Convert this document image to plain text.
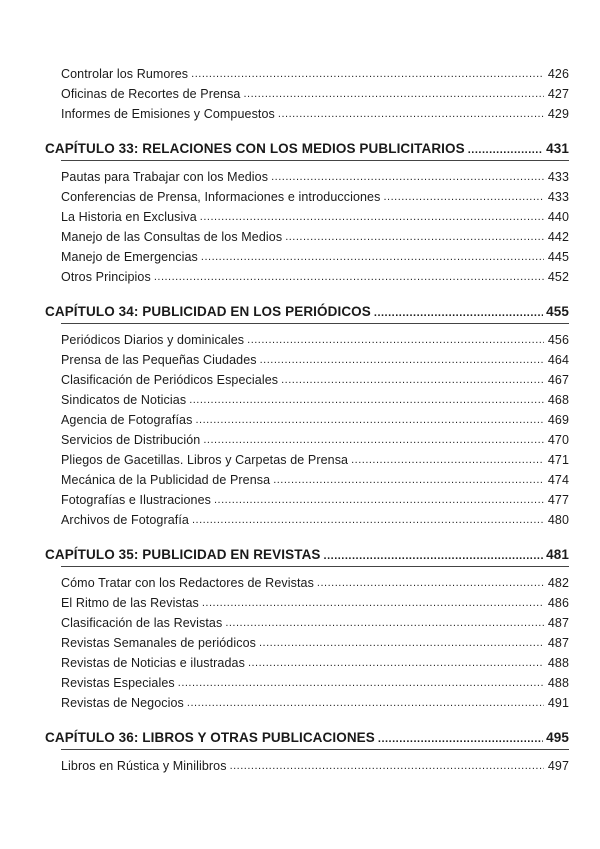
Controlar los Rumores .....	426
Oficinas de Recortes de Prensa .....	427
Informes de Emisiones y Compuestos .....	429
CAPÍTULO 33: RELACIONES CON LOS MEDIOS PUBLICITARIOS .....	431
Pautas para Trabajar con los Medios .....	433
Conferencias de Prensa, Informaciones e introducciones .....	433
La Historia en Exclusiva .....	440
Manejo de las Consultas de los Medios .....	442
Manejo de Emergencias .....	445
Otros Principios .....	452
CAPÍTULO 34: PUBLICIDAD EN LOS PERIÓDICOS .....	455
Periódicos Diarios y dominicales .....	456
Prensa de las Pequeñas Ciudades .....	464
Clasificación de Periódicos Especiales .....	467
Sindicatos de Noticias .....	468
Agencia de Fotografías .....	469
Servicios de Distribución .....	470
Pliegos de Gacetillas. Libros y Carpetas de Prensa .....	471
Mecánica de la Publicidad de Prensa .....	474
Fotografías e Ilustraciones .....	477
Archivos de Fotografía .....	480
CAPÍTULO 35: PUBLICIDAD EN REVISTAS .....	481
Cómo Tratar con los Redactores de Revistas .....	482
El Ritmo de las Revistas .....	486
Clasificación de las Revistas .....	487
Revistas Semanales de periódicos .....	487
Revistas de Noticias e ilustradas .....	488
Revistas Especiales .....	488
Revistas de Negocios .....	491
CAPÍTULO 36: LIBROS Y OTRAS PUBLICACIONES .....	495
Libros en Rústica y Minilibros .....	497
